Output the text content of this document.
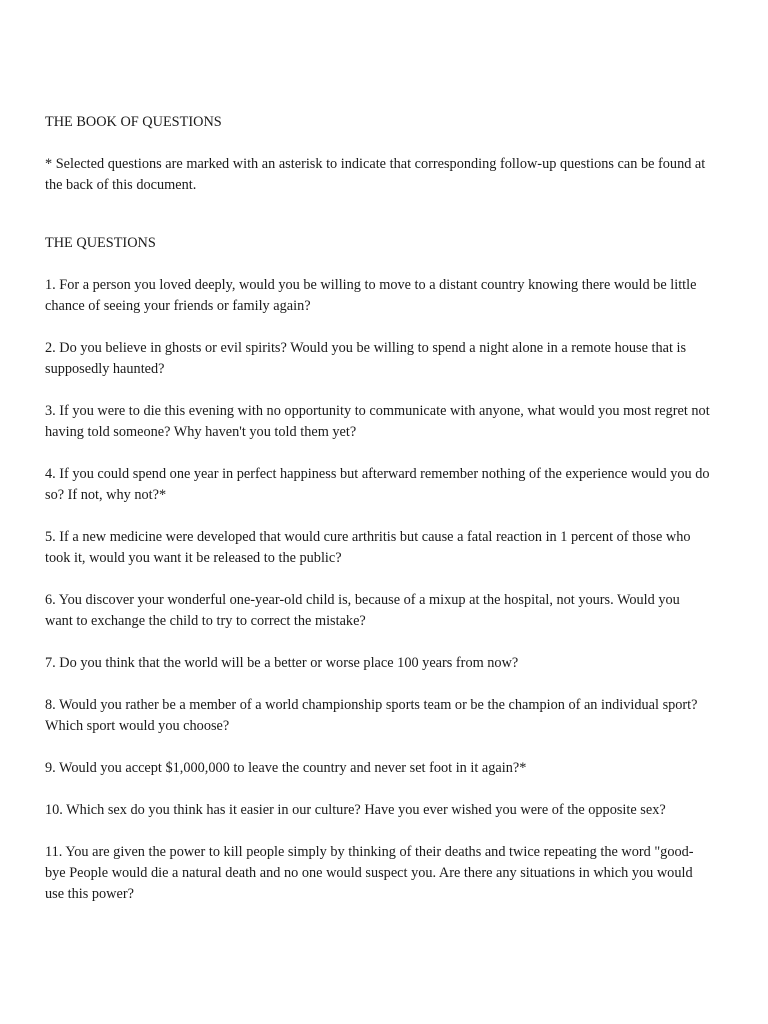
THE BOOK OF QUESTIONS

* Selected questions are marked with an asterisk to indicate that corresponding follow-up questions can be found at the back of this document.

THE QUESTIONS

1. For a person you loved deeply, would you be willing to move to a distant country knowing there would be little chance of seeing your friends or family again?

2. Do you believe in ghosts or evil spirits? Would you be willing to spend a night alone in a remote house that is supposedly haunted?

3. If you were to die this evening with no opportunity to communicate with anyone, what would you most regret not having told someone? Why haven't you told them yet?

4. If you could spend one year in perfect happiness but afterward remember nothing of the experience would you do so? If not, why not?*

5. If a new medicine were developed that would cure arthritis but cause a fatal reaction in 1 percent of those who took it, would you want it be released to the public?

6. You discover your wonderful one-year-old child is, because of a mixup at the hospital, not yours. Would you want to exchange the child to try to correct the mistake?

7. Do you think that the world will be a better or worse place 100 years from now?

8. Would you rather be a member of a world championship sports team or be the champion of an individual sport? Which sport would you choose?

9. Would you accept $1,000,000 to leave the country and never set foot in it again?*

10. Which sex do you think has it easier in our culture? Have you ever wished you were of the opposite sex?

11. You are given the power to kill people simply by thinking of their deaths and twice repeating the word "good-bye People would die a natural death and no one would suspect you. Are there any situations in which you would use this power?
